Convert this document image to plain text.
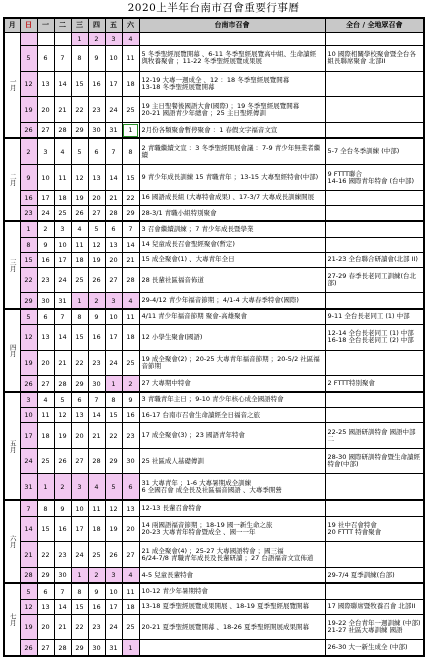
2020上半年台南市召會重要行事曆
月	日	一	二	三	四	五	六	台南市召會	全台 / 全地眾召會
一月				1	2	3	4		
	5	6	7	8	9	10	11	5 冬季聖經展覽開幕 、6-11 冬季聖經展覽高中組、生命讀經與牧養聚會 ；11-22 冬季聖經展覽成果展	10 國際相關學校聚會暨全台各組長聯席聚會 北部II
	12	13	14	15	16	17	18	12-19 大專一週成全 、12 ：18 冬季聖經展覽開幕
13-18 冬季聖經展覽開幕	
	19	20	21	22	23	24	25	19 主日聖餐後國語大會(國際) ；19 冬季聖經展覽開幕
20-21 國語青少年總會 ；25 主日聖經傳訓	
	26	27	28	29	30	31	1	2月份各類聚會暫停聚會 ：1 春假文字福音文宣	
二月	2	3	4	5	6	7	8	2 青職繼續文宣 ：3 冬季聖經開展會議 ：7-9 青少年無業者繼續	5-7 全台冬季訓練 (中部)
	9	10	11	12	13	14	15	9 青少年成長訓練 15 青職青年 ；13-15 大專聖經特會(中部)	9 FTTT聯合
14-16 國際青年特會 (台中部)
	16	17	18	19	20	21	22	16 國語成長組 (大專特會成果) 、17-3/7 大專成長訓練開展	
	23	24	25	26	27	28	29	28-3/1 青職小組特別聚會	
三月	1	2	3	4	5	6	7	3 召會繼續訓練 ；7 青少年成長暨學業	
	8	9	10	11	12	13	14	14 兒童成長召會聖經聚會(暫定)	
	15	16	17	18	19	20	21	15 成全聚會(1) 、大專青年全日	21-23 全台聯合研讀會(北部 II)
	22	23	24	25	26	27	28	28 長輩社區福音佈道	27-29 春季長老同工訓練(台北部)
	29	30	31	1	2	3	4	29-4/12 青少年福音節期 ；4/1-4 大專春季特會(國際)	
四月	5	6	7	8	9	10	11	4/11 青少年福音節期 聚會-高雄聚會	9-11 全台長老同工 (1) 中部
	12	13	14	15	16	17	18	12 小學生聚會(國語)	12-14 全台長老同工 (1) 中部
16-18 全台長老同工 (2) 中部
	19	20	21	22	23	24	25	19 成全聚會(2) ；20-25 大專青年福音節期 ；20-5/2 社區福音節期	
	26	27	28	29	30	1	2	27 大專期中特會	2 FTTT特別聚會
五月	3	4	5	6	7	8	9	3 青職青年主日 ；9-10 青少年核心成全國語特會	
	10	11	12	13	14	15	16	16-17 台南市召會生命讀經全日福音之旅	
	17	18	19	20	21	22	23	17 成全聚會(3) ；23 國語青年特會	22-25 國語研訓特會 國語中部二
	24	25	26	27	28	29	30	25 社區成人基礎傳訓	28-30 國際研訓特會暨生命讀經特會(中部)
	31	1	2	3	4	5	6	31 大專青年 ；1-6 大專暑期成全訓練
6 全國召會 成全長及社區福音國語 、大專季開營	
六月	7	8	9	10	11	12	13	12-13 長輩召會特會	
	14	15	16	17	18	19	20	14 兩國語福音節期 ；18-19 國一新生命之旅
20-23 大專青年特會暨成全 、國一一年	19 社中召會特會
20 FTTT 特會聚會
	21	22	23	24	25	26	27	21 成全聚會(4) ；25-27 大專國語特會 ；國三福
6/24-7/8 青職青年成長及長輩研讀 ；27 台語福音文宣佈道	
	28	29	30	1	2	3	4	4-5 兒童長輩特會	29-7/4 夏季訓練(台部)
七月	5	6	7	8	9	10	11	10-12 青少年暑期特會	
	12	13	14	15	16	17	18	13-18 夏季聖經展覽成果開展 、18-19 夏季聖經展覽開幕	17 國際聯席暨牧養召會 北部II
	19	20	21	22	23	24	25	20-21 夏季聖經展覽開幕 、18-26 夏季聖經開展成果開幕	19-22 全台青年一週訓練 (中部)
21-27 社區大專訓練 國語
	26	27	28	29	30	31	1		26-30 大一新生成全 (中部)
